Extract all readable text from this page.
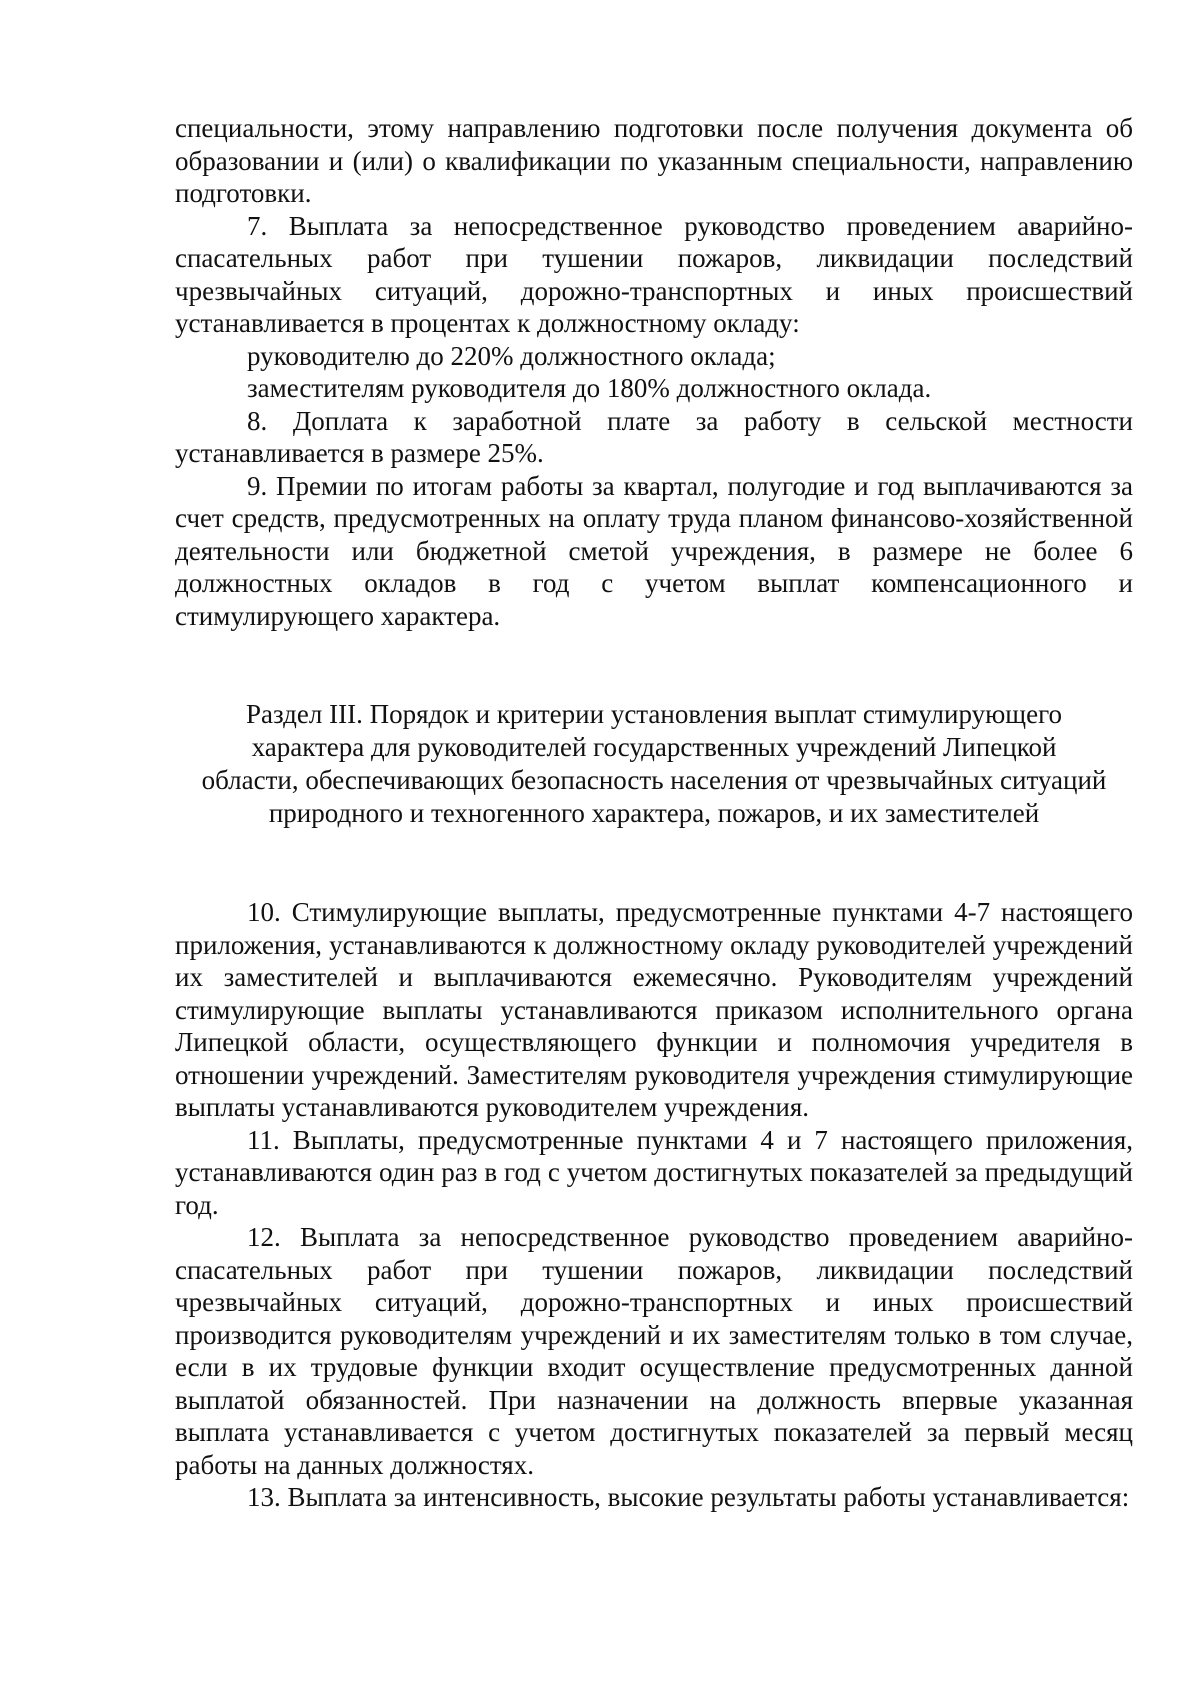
специальности, этому направлению подготовки после получения документа об образовании и (или) о квалификации по указанным специальности, направлению подготовки.

7. Выплата за непосредственное руководство проведением аварийно-спасательных работ при тушении пожаров, ликвидации последствий чрезвычайных ситуаций, дорожно-транспортных и иных происшествий устанавливается в процентах к должностному окладу:

руководителю до 220% должностного оклада;

заместителям руководителя до 180% должностного оклада.

8. Доплата к заработной плате за работу в сельской местности устанавливается в размере 25%.

9. Премии по итогам работы за квартал, полугодие и год выплачиваются за счет средств, предусмотренных на оплату труда планом финансово-хозяйственной деятельности или бюджетной сметой учреждения, в размере не более 6 должностных окладов в год с учетом выплат компенсационного и стимулирующего характера.

Раздел III. Порядок и критерии установления выплат стимулирующего
характера для руководителей государственных учреждений Липецкой
области, обеспечивающих безопасность населения от чрезвычайных ситуаций
природного и техногенного характера, пожаров, и их заместителей

10. Стимулирующие выплаты, предусмотренные пунктами 4-7 настоящего приложения, устанавливаются к должностному окладу руководителей учреждений их заместителей и выплачиваются ежемесячно. Руководителям учреждений стимулирующие выплаты устанавливаются приказом исполнительного органа Липецкой области, осуществляющего функции и полномочия учредителя в отношении учреждений. Заместителям руководителя учреждения стимулирующие выплаты устанавливаются руководителем учреждения.

11. Выплаты, предусмотренные пунктами 4 и 7 настоящего приложения, устанавливаются один раз в год с учетом достигнутых показателей за предыдущий год.

12. Выплата за непосредственное руководство проведением аварийно-спасательных работ при тушении пожаров, ликвидации последствий чрезвычайных ситуаций, дорожно-транспортных и иных происшествий производится руководителям учреждений и их заместителям только в том случае, если в их трудовые функции входит осуществление предусмотренных данной выплатой обязанностей. При назначении на должность впервые указанная выплата устанавливается с учетом достигнутых показателей за первый месяц работы на данных должностях.

13. Выплата за интенсивность, высокие результаты работы устанавливается:
